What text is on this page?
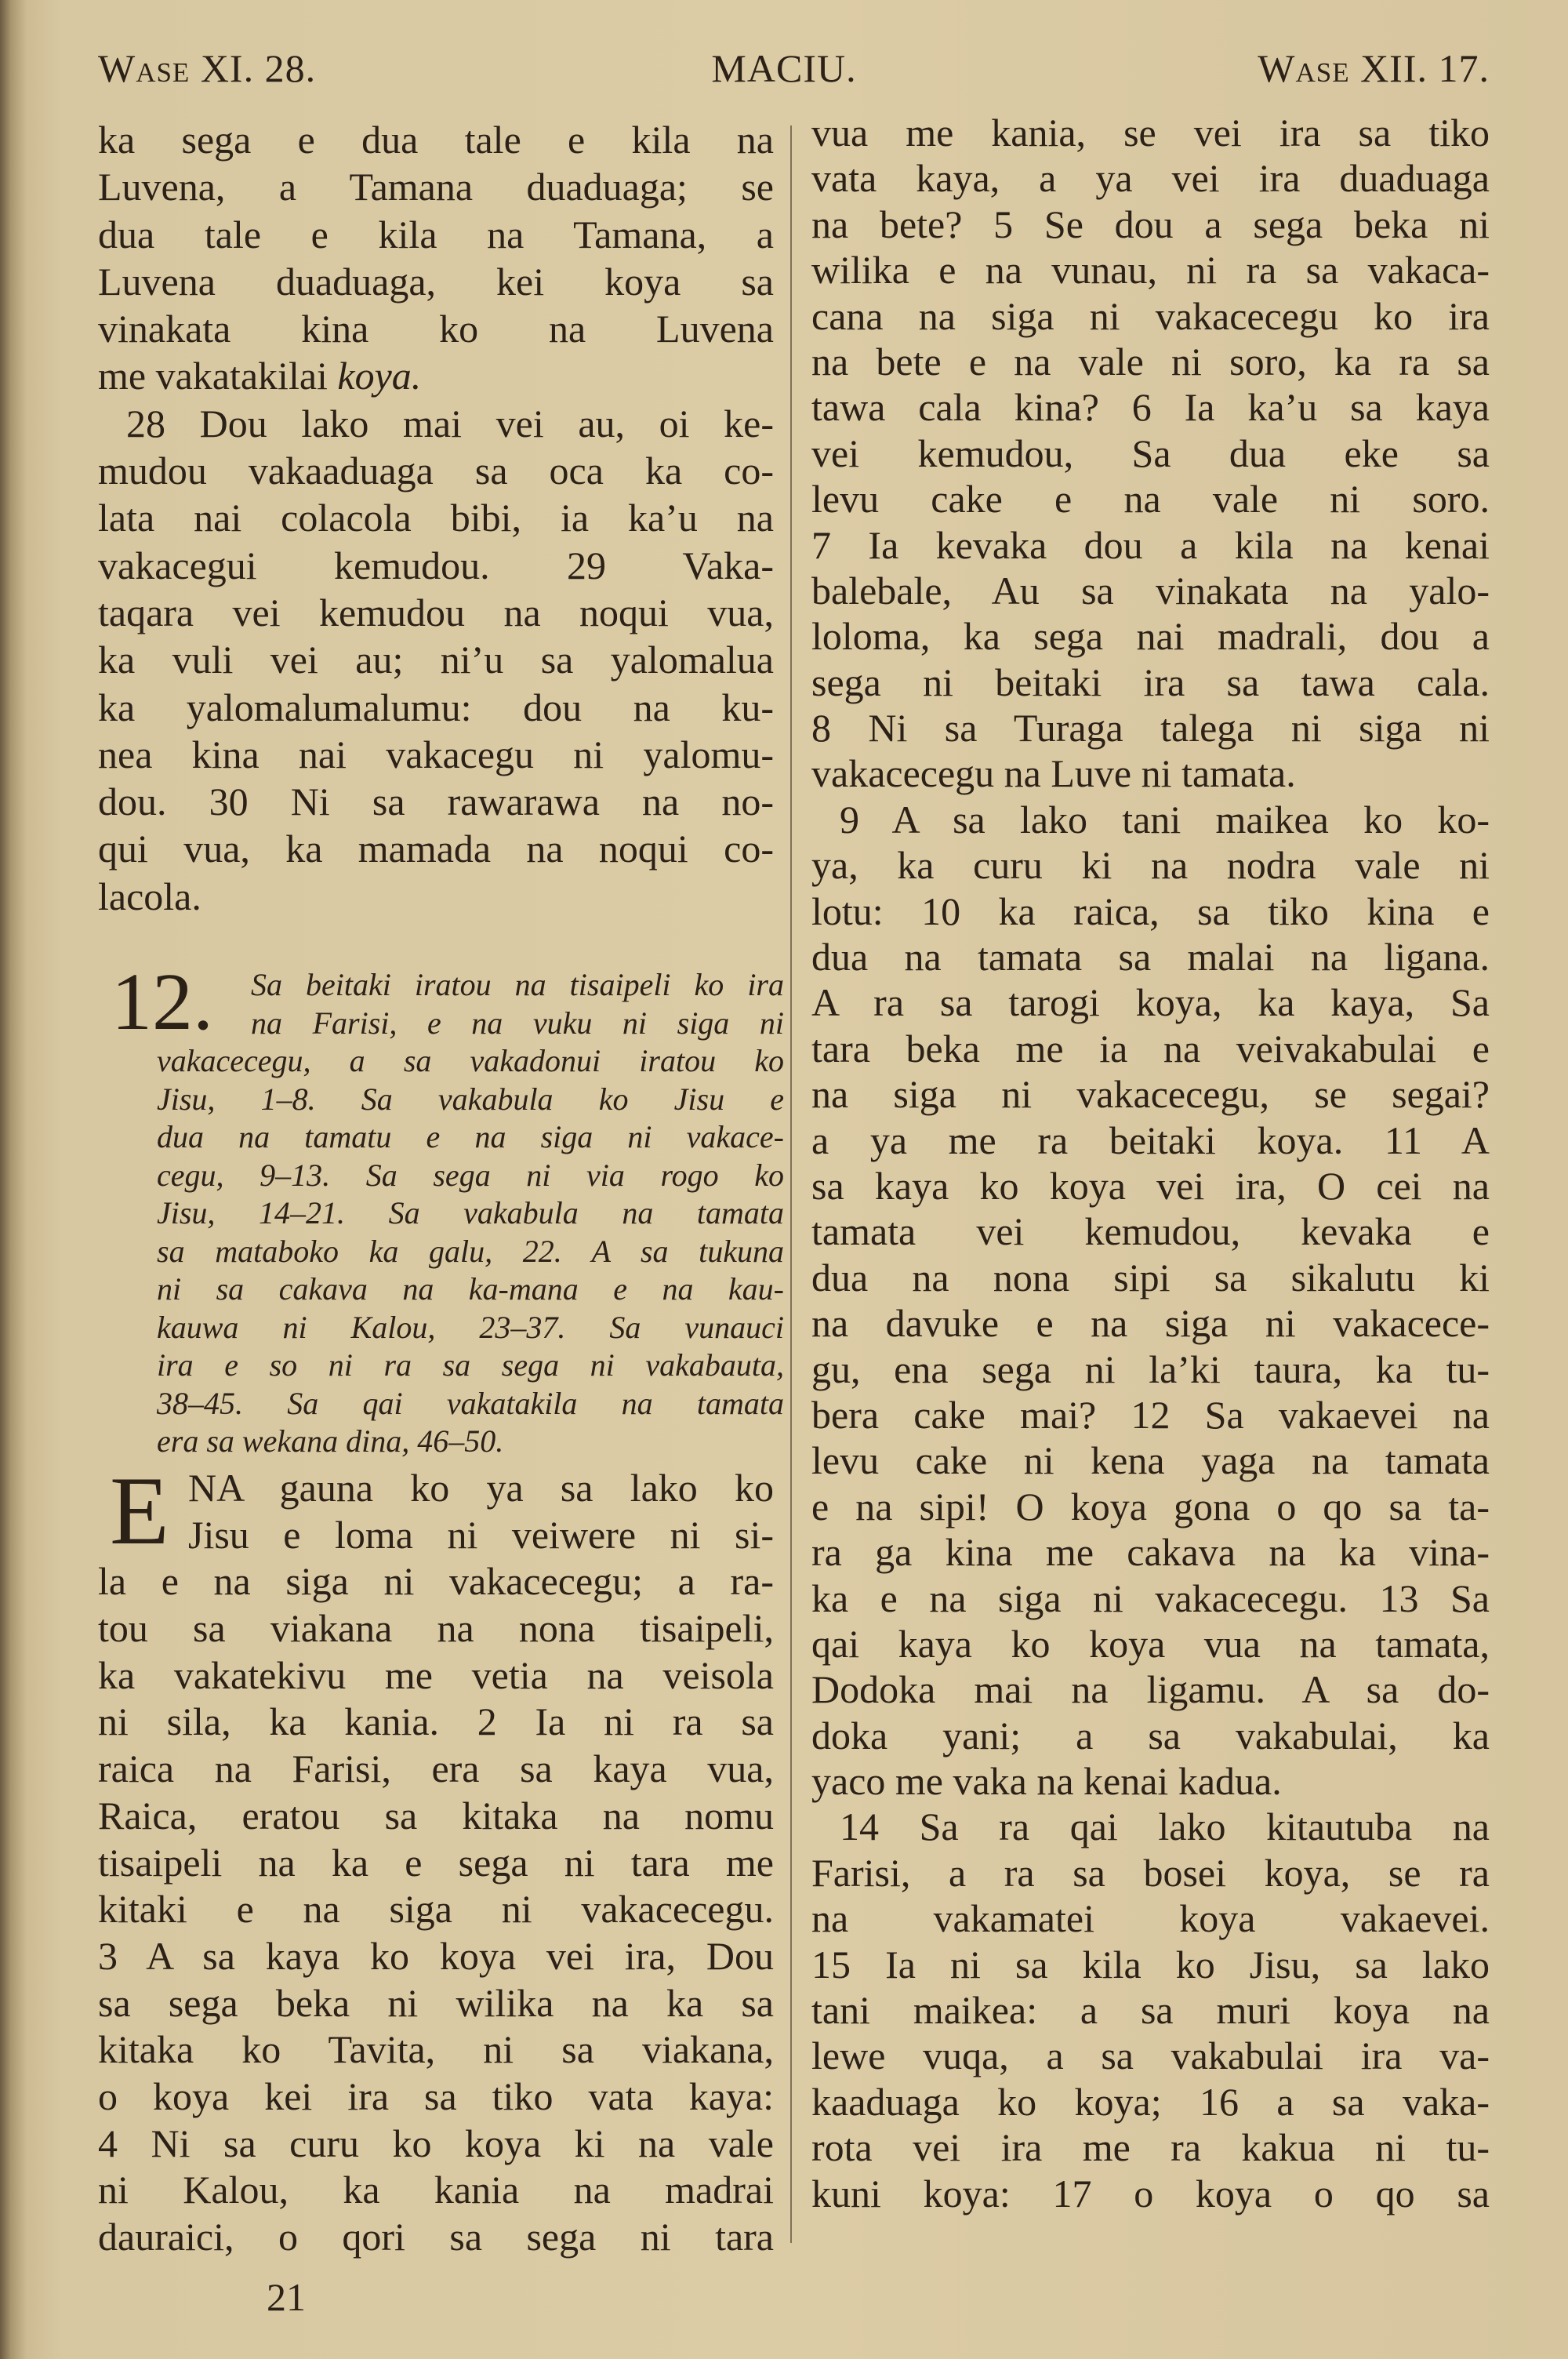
Wase XI. 28.	MACIU.	Wase XII. 17.
ka sega e dua tale e kila na
Luvena, a Tamana duaduaga; se
dua tale e kila na Tamana, a
Luvena duaduaga, kei koya sa
vinakata kina ko na Luvena
me vakatakilai koya.
28 Dou lako mai vei au, oi ke-
mudou vakaaduaga sa oca ka co-
lata nai colacola bibi, ia ka’u na
vakacegui kemudou. 29 Vaka-
taqara vei kemudou na noqui vua,
ka vuli vei au; ni’u sa yalomalua
ka yalomalumalumu: dou na ku-
nea kina nai vakacegu ni yalomu-
dou. 30 Ni sa rawarawa na no-
qui vua, ka mamada na noqui co-
lacola.
12. Sa beitaki iratou na tisaipeli ko ira
na Farisi, e na vuku ni siga ni
vakacecegu, a sa vakadonui iratou ko
Jisu, 1–8. Sa vakabula ko Jisu e
dua na tamatu e na siga ni vakace-
cegu, 9–13. Sa sega ni via rogo ko
Jisu, 14–21. Sa vakabula na tamata
sa mataboko ka galu, 22. A sa tukuna
ni sa cakava na ka-mana e na kau-
kauwa ni Kalou, 23–37. Sa vunauci
ira e so ni ra sa sega ni vakabauta,
38–45. Sa qai vakatakila na tamata
era sa wekana dina, 46–50.
E NA gauna ko ya sa lako ko
Jisu e loma ni veiwere ni si-
la e na siga ni vakacecegu; a ra-
tou sa viakana na nona tisaipeli,
ka vakatekivu me vetia na veisola
ni sila, ka kania. 2 Ia ni ra sa
raica na Farisi, era sa kaya vua,
Raica, eratou sa kitaka na nomu
tisaipeli na ka e sega ni tara me
kitaki e na siga ni vakacecegu.
3 A sa kaya ko koya vei ira, Dou
sa sega beka ni wilika na ka sa
kitaka ko Tavita, ni sa viakana,
o koya kei ira sa tiko vata kaya:
4 Ni sa curu ko koya ki na vale
ni Kalou, ka kania na madrai
dauraici, o qori sa sega ni tara
vua me kania, se vei ira sa tiko
vata kaya, a ya vei ira duaduaga
na bete? 5 Se dou a sega beka ni
wilika e na vunau, ni ra sa vakaca-
cana na siga ni vakacecegu ko ira
na bete e na vale ni soro, ka ra sa
tawa cala kina? 6 Ia ka’u sa kaya
vei kemudou, Sa dua eke sa
levu cake e na vale ni soro.
7 Ia kevaka dou a kila na kenai
balebale, Au sa vinakata na yalo-
loloma, ka sega nai madrali, dou a
sega ni beitaki ira sa tawa cala.
8 Ni sa Turaga talega ni siga ni
vakacecegu na Luve ni tamata.
9 A sa lako tani maikea ko ko-
ya, ka curu ki na nodra vale ni
lotu: 10 ka raica, sa tiko kina e
dua na tamata sa malai na ligana.
A ra sa tarogi koya, ka kaya, Sa
tara beka me ia na veivakabulai e
na siga ni vakacecegu, se segai?
a ya me ra beitaki koya. 11 A
sa kaya ko koya vei ira, O cei na
tamata vei kemudou, kevaka e
dua na nona sipi sa sikalutu ki
na davuke e na siga ni vakacece-
gu, ena sega ni la’ki taura, ka tu-
bera cake mai? 12 Sa vakaevei na
levu cake ni kena yaga na tamata
e na sipi! O koya gona o qo sa ta-
ra ga kina me cakava na ka vina-
ka e na siga ni vakacecegu. 13 Sa
qai kaya ko koya vua na tamata,
Dodoka mai na ligamu. A sa do-
doka yani; a sa vakabulai, ka
yaco me vaka na kenai kadua.
14 Sa ra qai lako kitautuba na
Farisi, a ra sa bosei koya, se ra
na vakamatei koya vakaevei.
15 Ia ni sa kila ko Jisu, sa lako
tani maikea: a sa muri koya na
lewe vuqa, a sa vakabulai ira va-
kaaduaga ko koya; 16 a sa vaka-
rota vei ira me ra kakua ni tu-
kuni koya: 17 o koya o qo sa
21
